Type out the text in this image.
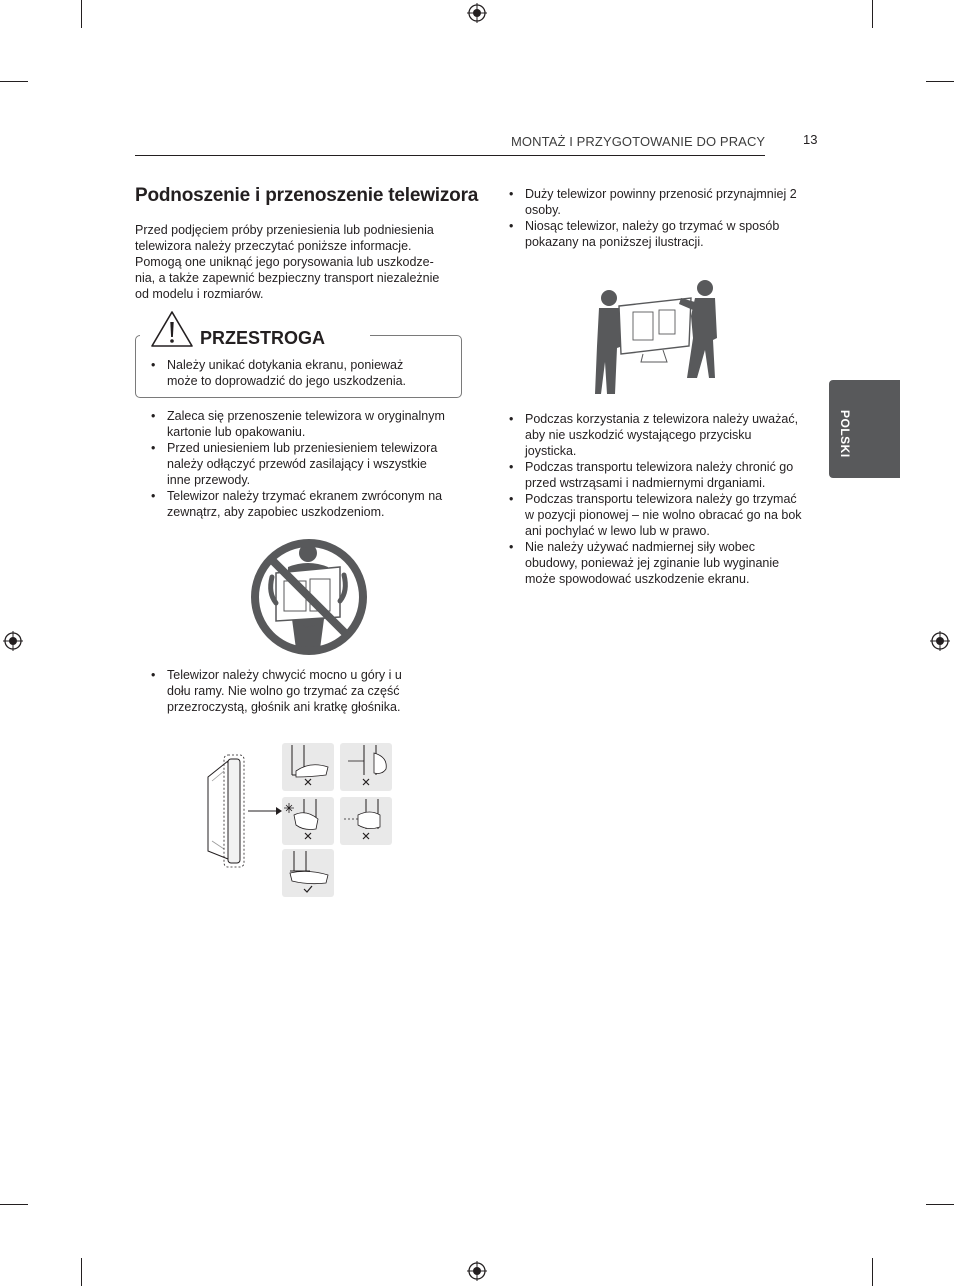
MONTAŻ I PRZYGOTOWANIE DO PRACY	13
POLSKI
Podnoszenie i przenoszenie telewizora
Przed podjęciem próby przeniesienia lub podniesienia
telewizora należy przeczytać poniższe informacje.
Pomogą one uniknąć jego porysowania lub uszkodze-
nia, a także zapewnić bezpieczny transport niezależnie
od modelu i rozmiarów.
PRZESTROGA
• Należy unikać dotykania ekranu, ponieważ
może to doprowadzić do jego uszkodzenia.
• Zaleca się przenoszenie telewizora w oryginalnym
kartonie lub opakowaniu.
• Przed uniesieniem lub przeniesieniem telewizora
należy odłączyć przewód zasilający i wszystkie
inne przewody.
• Telewizor należy trzymać ekranem zwróconym na
zewnątrz, aby zapobiec uszkodzeniom.
• Telewizor należy chwycić mocno u góry i u
dołu ramy. Nie wolno go trzymać za część
przezroczystą, głośnik ani kratkę głośnika.
• Duży telewizor powinny przenosić przynajmniej 2
osoby.
• Niosąc telewizor, należy go trzymać w sposób
pokazany na poniższej ilustracji.
• Podczas korzystania z telewizora należy uważać,
aby nie uszkodzić wystającego przycisku
joysticka.
• Podczas transportu telewizora należy chronić go
przed wstrząsami i nadmiernymi drganiami.
• Podczas transportu telewizora należy go trzymać
w pozycji pionowej – nie wolno obracać go na bok
ani pochylać w lewo lub w prawo.
• Nie należy używać nadmiernej siły wobec
obudowy, ponieważ jej zginanie lub wyginanie
może spowodować uszkodzenie ekranu.
